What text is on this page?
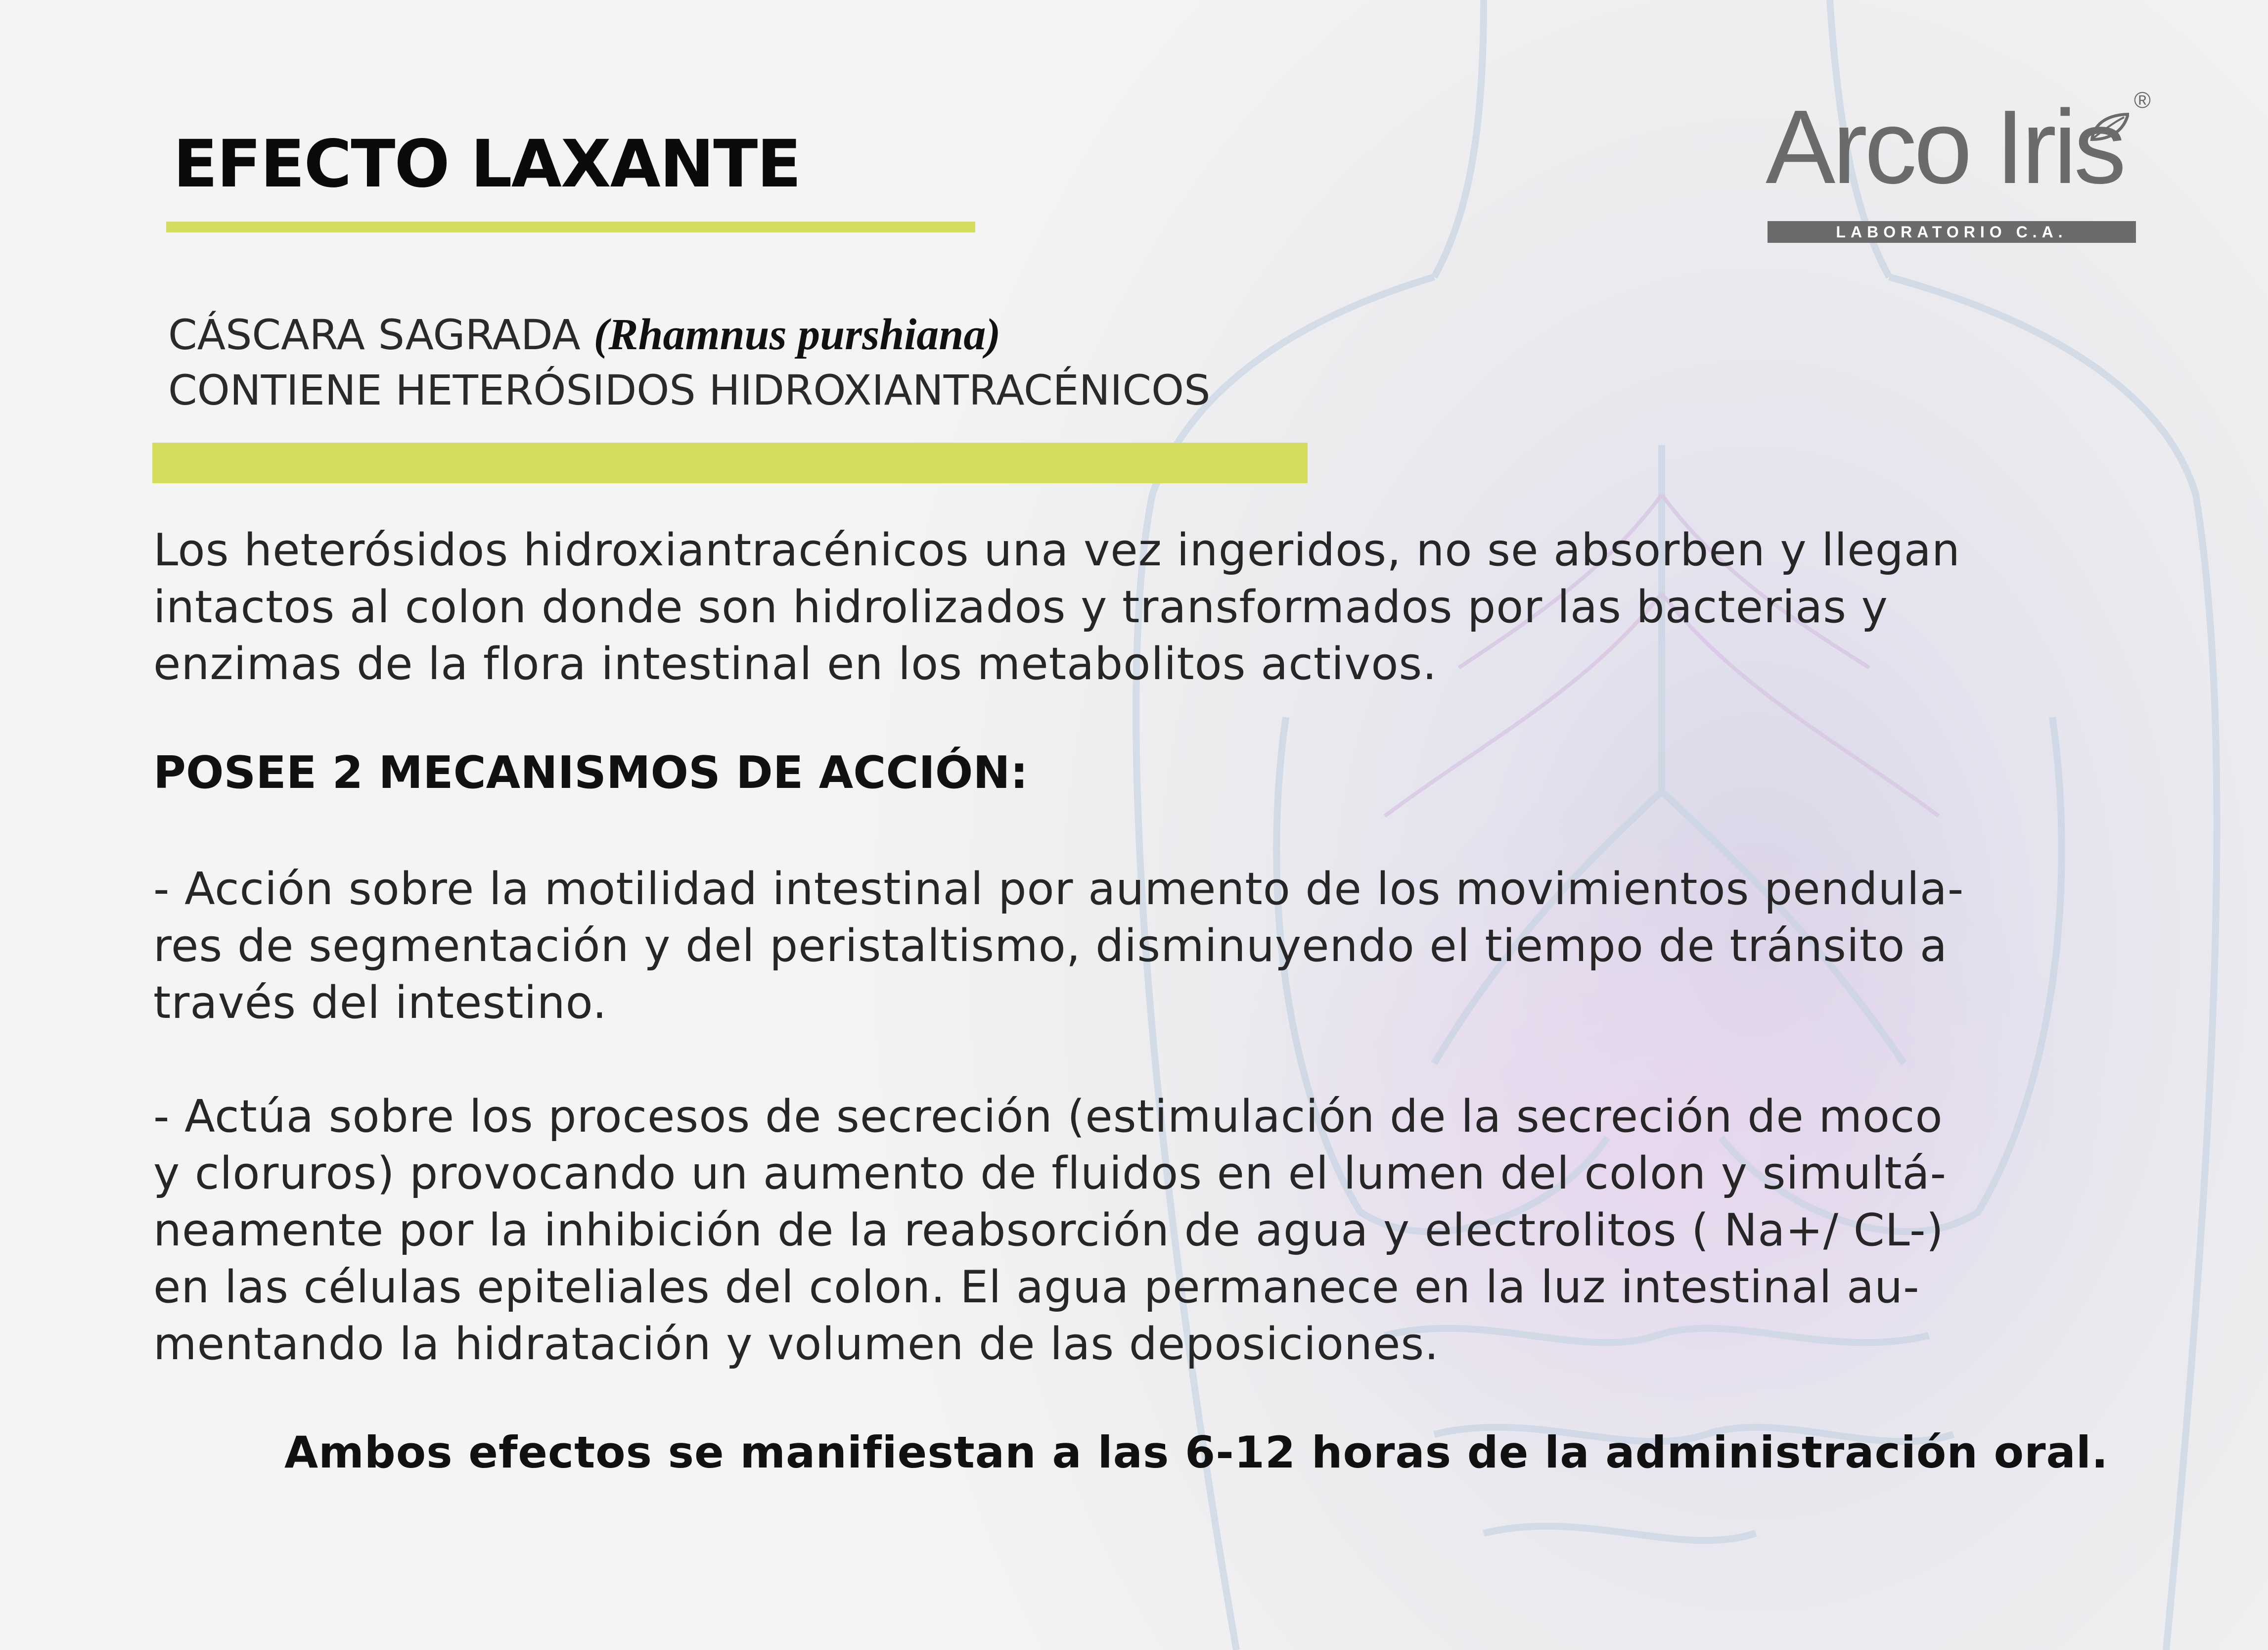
EFECTO LAXANTE	Arco Iris ®
LABORATORIO C.A.
CÁSCARA SAGRADA (Rhamnus purshiana)
CONTIENE HETERÓSIDOS HIDROXIANTRACÉNICOS
Los heterósidos hidroxiantracénicos una vez ingeridos, no se absorben y llegan
intactos al colon donde son hidrolizados y transformados por las bacterias y
enzimas de la flora intestinal en los metabolitos activos.
POSEE 2 MECANISMOS DE ACCIÓN:
- Acción sobre la motilidad intestinal por aumento de los movimientos pendula-
res de segmentación y del peristaltismo, disminuyendo el tiempo de tránsito a
través del intestino.
- Actúa sobre los procesos de secreción (estimulación de la secreción de moco
y cloruros) provocando un aumento de fluidos en el lumen del colon y simultá-
neamente por la inhibición de la reabsorción de agua y electrolitos ( Na+/ CL-)
en las células epiteliales del colon. El agua permanece en la luz intestinal au-
mentando la hidratación y volumen de las deposiciones.
Ambos efectos se manifiestan a las 6-12 horas de la administración oral.
